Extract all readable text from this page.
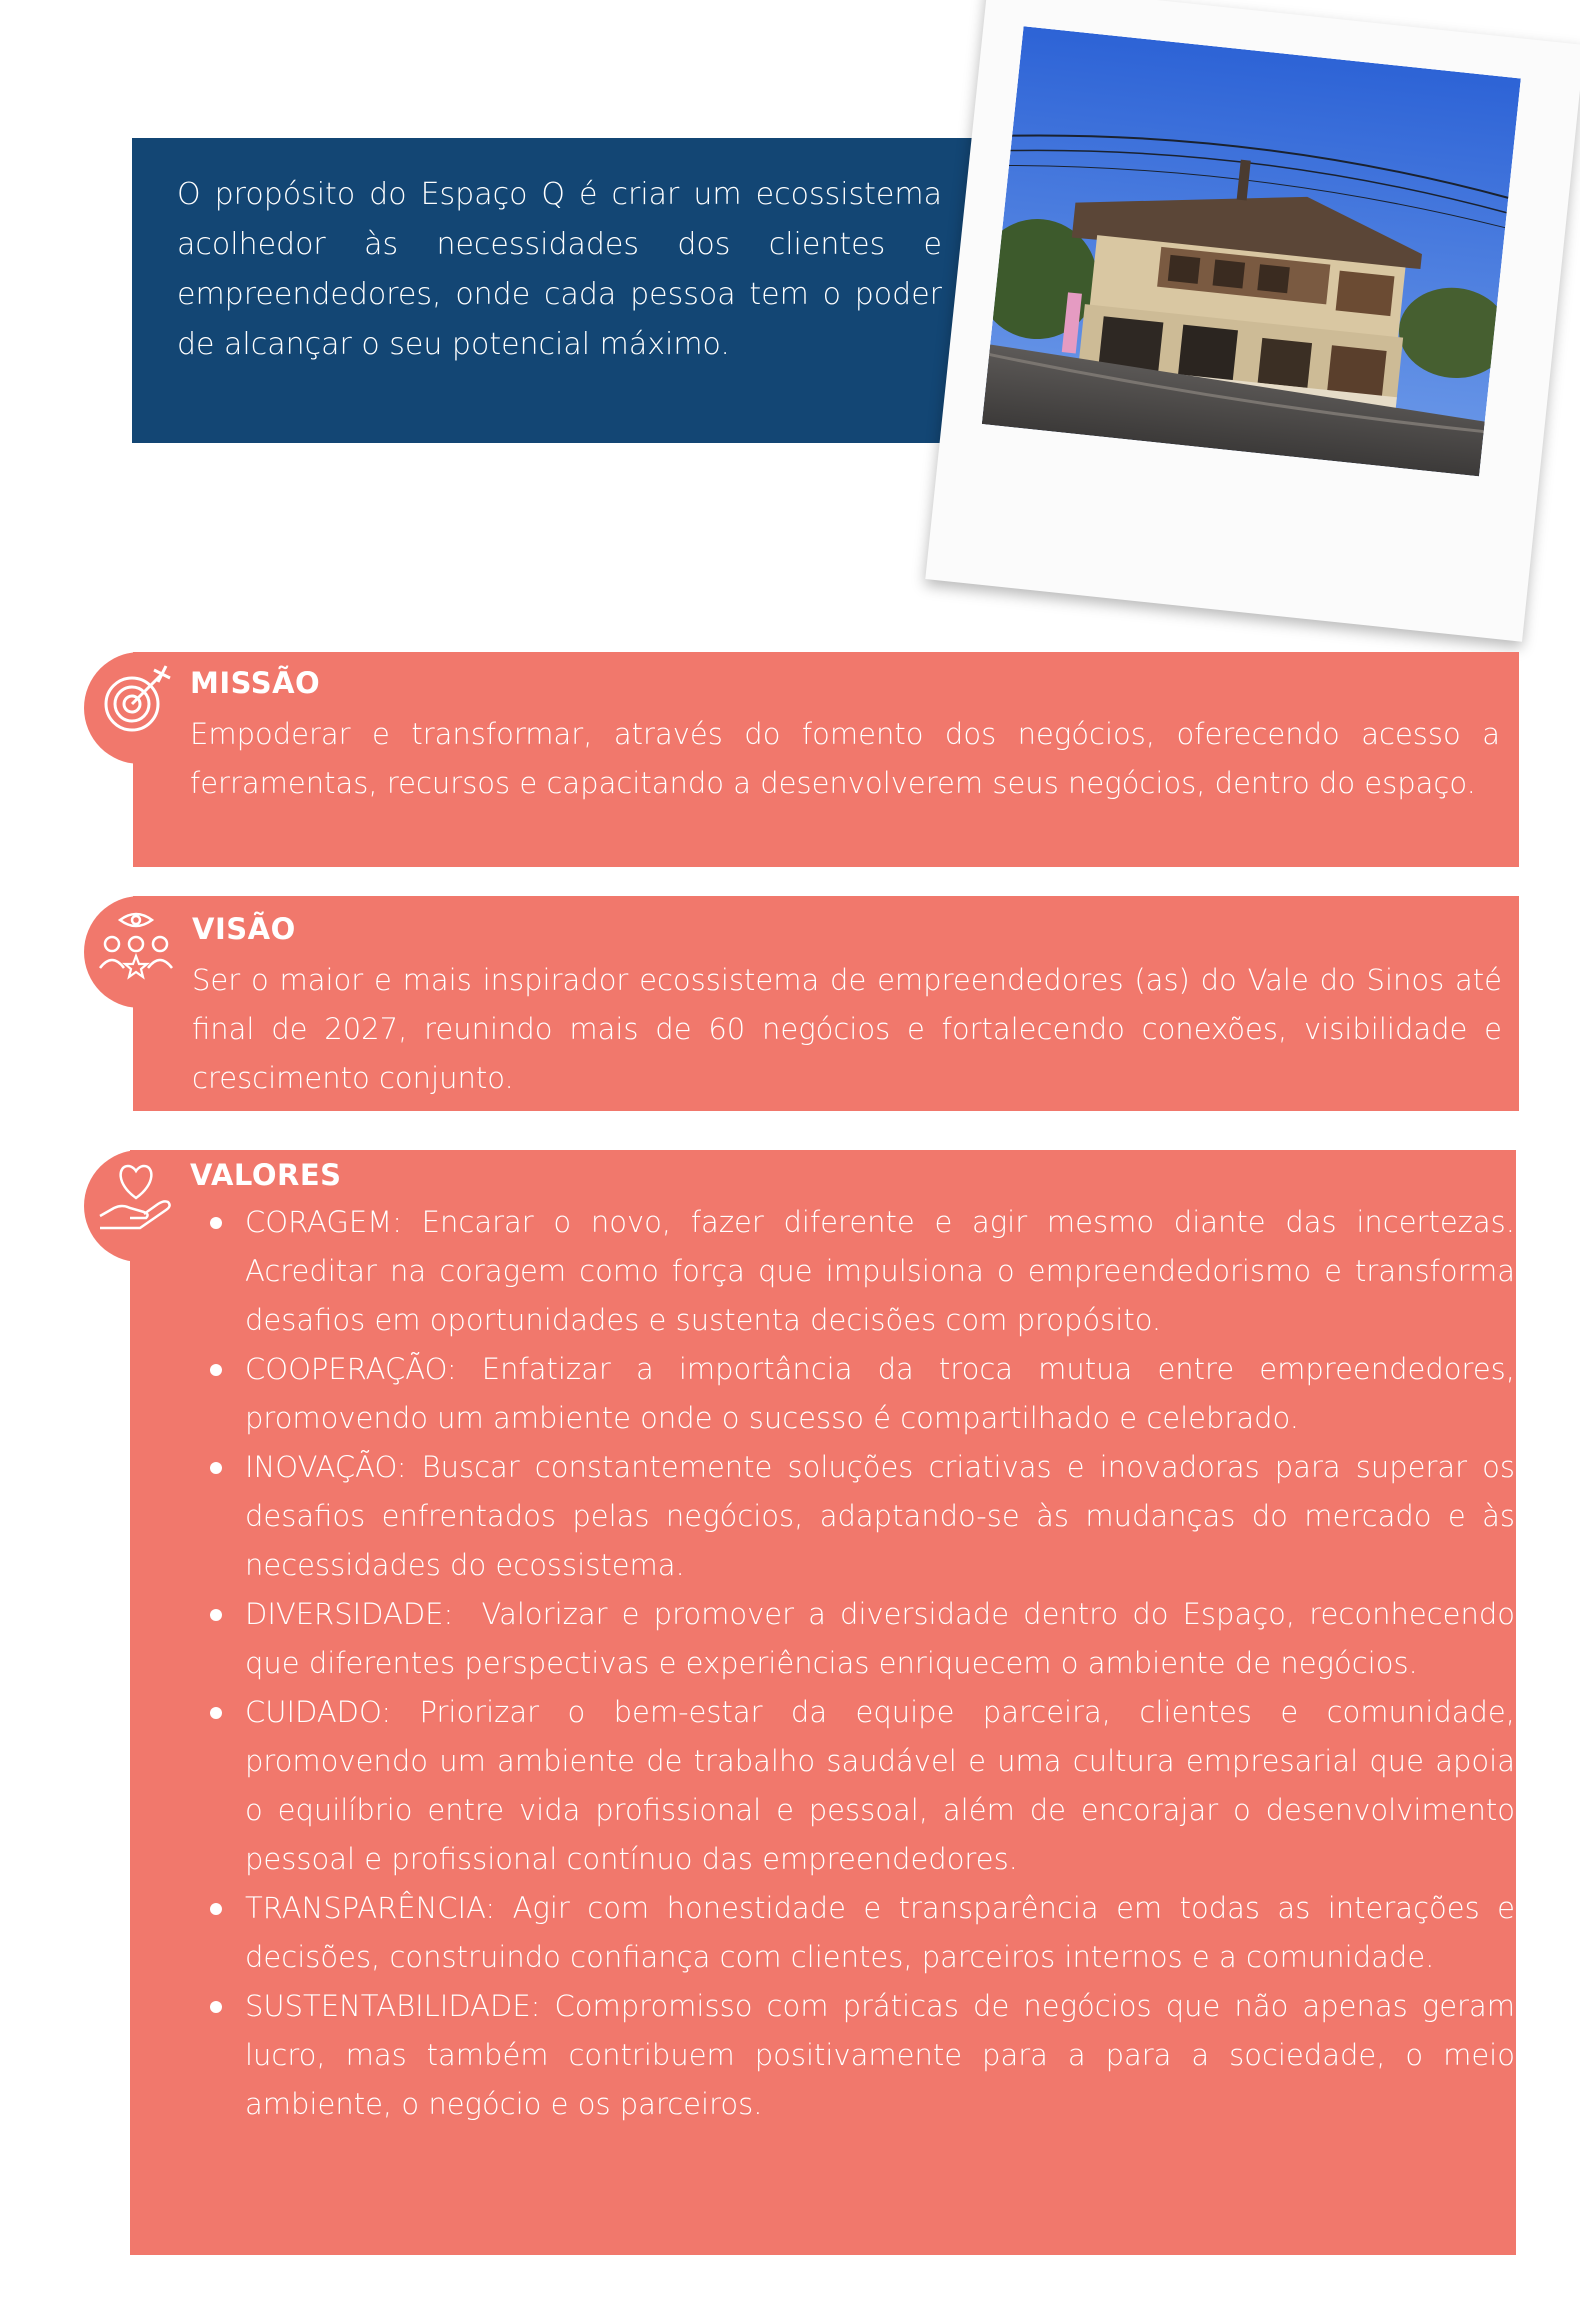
O propósito do Espaço Q é criar um ecossistema acolhedor às necessidades dos clientes e empreendedores, onde cada pessoa tem o poder de alcançar o seu potencial máximo.

MISSÃO

Empoderar e transformar, através do fomento dos negócios, oferecendo acesso a ferramentas, recursos e capacitando a desenvolverem seus negócios, dentro do espaço.

VISÃO

Ser o maior e mais inspirador ecossistema de empreendedores (as) do Vale do Sinos até final de 2027, reunindo mais de 60 negócios e fortalecendo conexões, visibilidade e crescimento conjunto.

VALORES
CORAGEM: Encarar o novo, fazer diferente e agir mesmo diante das incertezas. Acreditar na coragem como força que impulsiona o empreendedorismo e transforma desafios em oportunidades e sustenta decisões com propósito.
COOPERAÇÃO: Enfatizar a importância da troca mutua entre empreendedores, promovendo um ambiente onde o sucesso é compartilhado e celebrado.
INOVAÇÃO: Buscar constantemente soluções criativas e inovadoras para superar os desafios enfrentados pelas negócios, adaptando-se às mudanças do mercado e às necessidades do ecossistema.
DIVERSIDADE:  Valorizar e promover a diversidade dentro do Espaço, reconhecendo que diferentes perspectivas e experiências enriquecem o ambiente de negócios.
CUIDADO: Priorizar o bem-estar da equipe parceira, clientes e comunidade, promovendo um ambiente de trabalho saudável e uma cultura empresarial que apoia o equilíbrio entre vida profissional e pessoal, além de encorajar o desenvolvimento pessoal e profissional contínuo das empreendedores.
TRANSPARÊNCIA: Agir com honestidade e transparência em todas as interações e decisões, construindo confiança com clientes, parceiros internos e a comunidade.
SUSTENTABILIDADE: Compromisso com práticas de negócios que não apenas geram lucro, mas também contribuem positivamente para a para a sociedade, o meio ambiente, o negócio e os parceiros.
